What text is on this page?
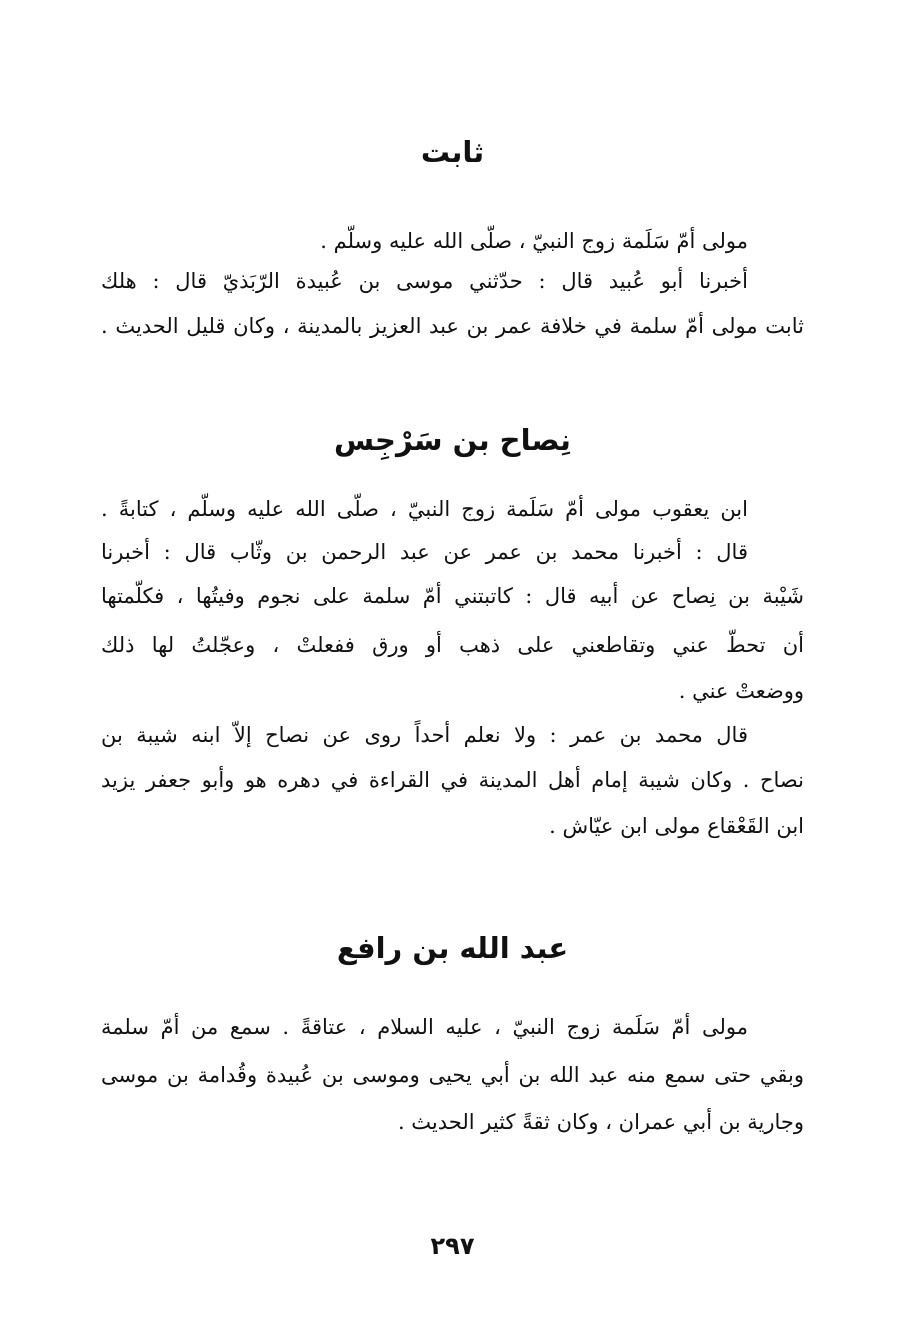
ثابت
مولى أمّ سَلَمة زوج النبيّ ، صلّى الله عليه وسلّم .
أخبرنا أبو عُبيد قال : حدّثني موسى بن عُبيدة الرّبَذيّ قال : هلك
ثابت مولى أمّ سلمة في خلافة عمر بن عبد العزيز بالمدينة ، وكان قليل الحديث .
نِصاح بن سَرْجِس
ابن يعقوب مولى أمّ سَلَمة زوج النبيّ ، صلّى الله عليه وسلّم ، كتابةً .
قال : أخبرنا محمد بن عمر عن عبد الرحمن بن وثّاب قال : أخبرنا
شَيْبة بن نِصاح عن أبيه قال : كاتبتني أمّ سلمة على نجوم وفيتُها ، فكلّمتها
أن تحطّ عني وتقاطعني على ذهب أو ورق ففعلتْ ، وعجّلتُ لها ذلك
ووضعتْ عني .
قال محمد بن عمر : ولا نعلم أحداً روى عن نصاح إلاّ ابنه شيبة بن
نصاح . وكان شيبة إمام أهل المدينة في القراءة في دهره هو وأبو جعفر يزيد
ابن القَعْقاع مولى ابن عيّاش .
عبد الله بن رافع
مولى أمّ سَلَمة زوج النبيّ ، عليه السلام ، عتاقةً . سمع من أمّ سلمة
وبقي حتى سمع منه عبد الله بن أبي يحيى وموسى بن عُبيدة وقُدامة بن موسى
وجارية بن أبي عمران ، وكان ثقةً كثير الحديث .
٢٩٧
